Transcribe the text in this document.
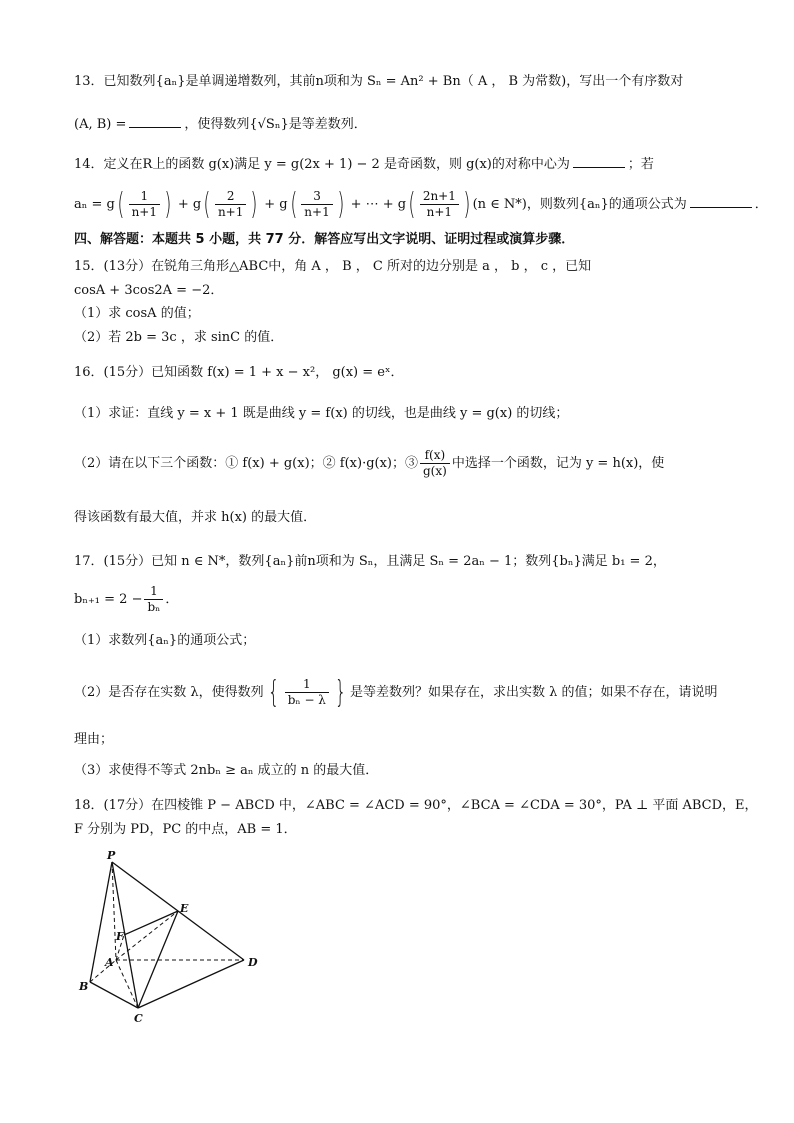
13．已知数列{aₙ}是单调递增数列，其前n项和为 Sₙ = An² + Bn（ A ， B 为常数)，写出一个有序数对
(A, B) =	，使得数列{√Sₙ}是等差数列．
14．定义在R上的函数 g(x)满足 y = g(2x + 1) − 2 是奇函数，则 g(x)的对称中心为	；若
$a_n = g( \frac{1}{n+1}$ ) + $g( \frac{2}{n+1}$ ) + $g( \frac{3}{n+1}$ ) + ⋯ + $g( \frac{2n+1}{n+1}$ ) (n ∈ N*)，则数列{aₙ}的通项公式为	．
四、解答题：本题共 5 小题，共 77 分．解答应写出文字说明、证明过程或演算步骤．
15．(13分）在锐角三角形△ABC中，角 A ， B ， C 所对的边分别是 a ， b ， c ，已知
cosA + 3cos2A = −2．
（1）求 cosA 的值；
（2）若 2b = 3c ，求 sinC 的值．
16．(15分）已知函数 f(x) = 1 + x − x²， g(x) = eˣ．
（1）求证：直线 y = x + 1 既是曲线 y = f(x) 的切线，也是曲线 y = g(x) 的切线；
（2）请在以下三个函数：① f(x) + g(x)；② f(x)·g(x)；③ $\frac{f(x)}{g(x)}$ 中选择一个函数，记为 y = h(x)，使
得该函数有最大值，并求 h(x) 的最大值．
17．(15分）已知 n ∈ N*，数列{aₙ}前n项和为 Sₙ，且满足 Sₙ = 2aₙ − 1；数列{bₙ}满足 b₁ = 2，
$b_{n+1} = 2 - \frac{1}{\text{bₙ}}$ ．
（1）求数列{aₙ}的通项公式；
（2）是否存在实数 λ，使得数列 { $\frac{1}{\text{bₙ − λ}}$ } 是等差数列？如果存在，求出实数 λ 的值；如果不存在，请说明
理由；
（3）求使得不等式 2nbₙ ≥ aₙ 成立的 n 的最大值．
18．(17分）在四棱锥 P − ABCD 中，∠ABC = ∠ACD = 90°，∠BCA = ∠CDA = 30°，PA ⊥ 平面 ABCD，E，
F 分别为 PD，PC 的中点，AB = 1．
P
E
F
A	D
B
C
